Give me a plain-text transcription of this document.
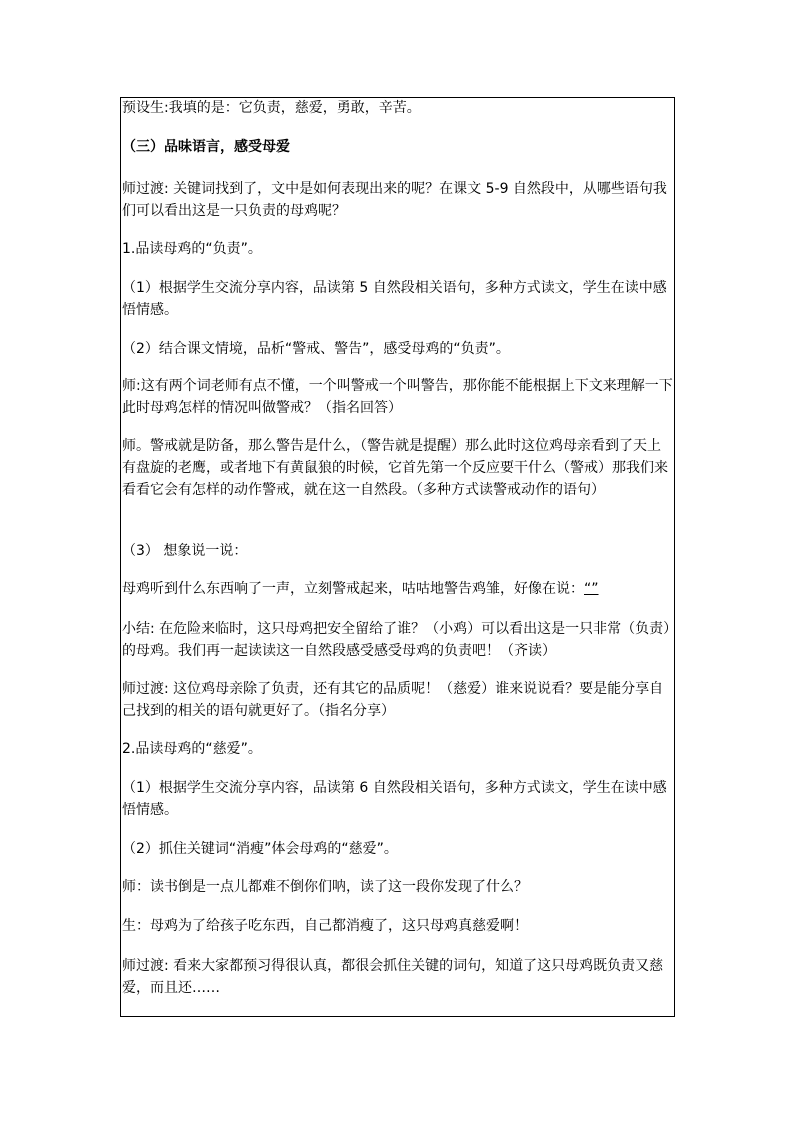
预设生:我填的是：它负责，慈爱，勇敢，辛苦。

（三）品味语言，感受母爱

师过渡: 关键词找到了，文中是如何表现出来的呢？在课文 5-9 自然段中，从哪些语句我们可以看出这是一只负责的母鸡呢？

1.品读母鸡的“负责”。

（1）根据学生交流分享内容，品读第 5 自然段相关语句，多种方式读文，学生在读中感悟情感。

（2）结合课文情境，品析“警戒、警告”，感受母鸡的“负责”。

师:这有两个词老师有点不懂，一个叫警戒一个叫警告，那你能不能根据上下文来理解一下此时母鸡怎样的情况叫做警戒？（指名回答）

师。警戒就是防备，那么警告是什么，（警告就是提醒）那么此时这位鸡母亲看到了天上有盘旋的老鹰，或者地下有黄鼠狼的时候，它首先第一个反应要干什么（警戒）那我们来看看它会有怎样的动作警戒，就在这一自然段。（多种方式读警戒动作的语句）

（3） 想象说一说：

母鸡听到什么东西响了一声，立刻警戒起来，咕咕地警告鸡雏，好像在说：“”

小结: 在危险来临时，这只母鸡把安全留给了谁？（小鸡）可以看出这是一只非常（负责）的母鸡。我们再一起读读这一自然段感受感受母鸡的负责吧！（齐读）

师过渡: 这位鸡母亲除了负责，还有其它的品质呢！（慈爱）谁来说说看？要是能分享自己找到的相关的语句就更好了。（指名分享）

2.品读母鸡的“慈爱”。

（1）根据学生交流分享内容，品读第 6 自然段相关语句，多种方式读文，学生在读中感悟情感。

（2）抓住关键词“消瘦”体会母鸡的“慈爱”。

师：读书倒是一点儿都难不倒你们呐，读了这一段你发现了什么？

生：母鸡为了给孩子吃东西，自己都消瘦了，这只母鸡真慈爱啊！

师过渡: 看来大家都预习得很认真，都很会抓住关键的词句，知道了这只母鸡既负责又慈爱，而且还……
